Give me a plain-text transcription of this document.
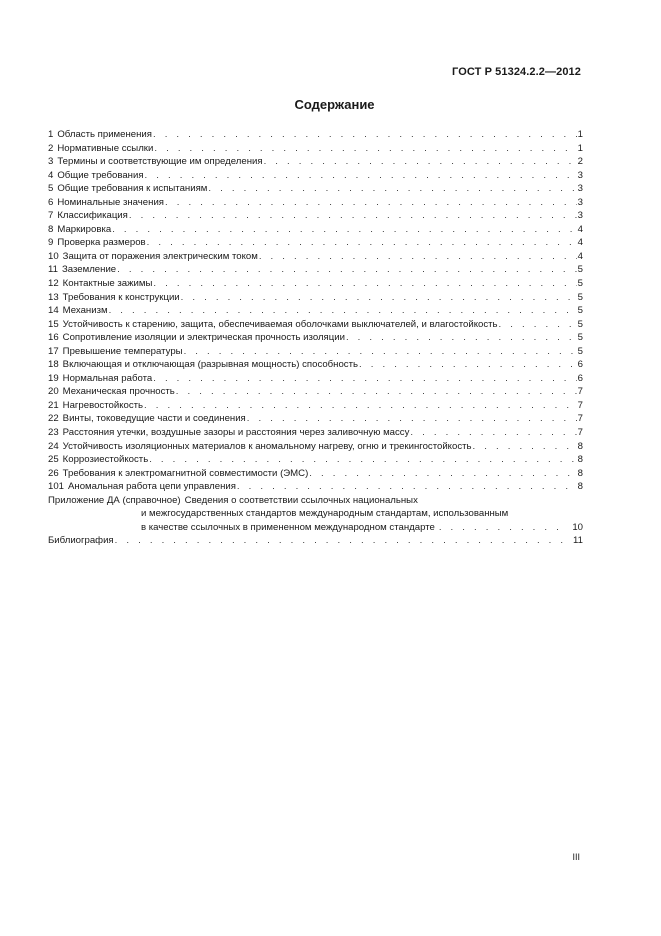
ГОСТ Р 51324.2.2—2012
Содержание
1 Область применения . . .	1
2 Нормативные ссылки . . .	1
3 Термины и соответствующие им определения . . .	2
4 Общие требования . . .	3
5 Общие требования к испытаниям . . .	3
6 Номинальные значения . . .	3
7 Классификация . . .	3
8 Маркировка . . .	4
9 Проверка размеров . . .	4
10 Защита от поражения электрическим током . . .	4
11 Заземление . . .	5
12 Контактные зажимы . . .	5
13 Требования к конструкции . . .	5
14 Механизм . . .	5
15 Устойчивость к старению, защита, обеспечиваемая оболочками выключателей, и влагостойкость . . .	5
16 Сопротивление изоляции и электрическая прочность изоляции . . .	5
17 Превышение температуры . . .	5
18 Включающая и отключающая (разрывная мощность) способность . . .	6
19 Нормальная работа . . .	6
20 Механическая прочность . . .	7
21 Нагревостойкость . . .	7
22 Винты, токоведущие части и соединения . . .	7
23 Расстояния утечки, воздушные зазоры и расстояния через заливочную массу . . .	7
24 Устойчивость изоляционных материалов к аномальному нагреву, огню и трекингостойкость . . .	8
25 Коррозиестойкость . . .	8
26 Требования к электромагнитной совместимости (ЭМС) . . .	8
101 Аномальная работа цепи управления . . .	8
Приложение ДА (справочное) Сведения о соответствии ссылочных национальных
и межгосударственных стандартов международным стандартам, использованным
в качестве ссылочных в примененном международном стандарте . . .	10
Библиография . . .	11
III
